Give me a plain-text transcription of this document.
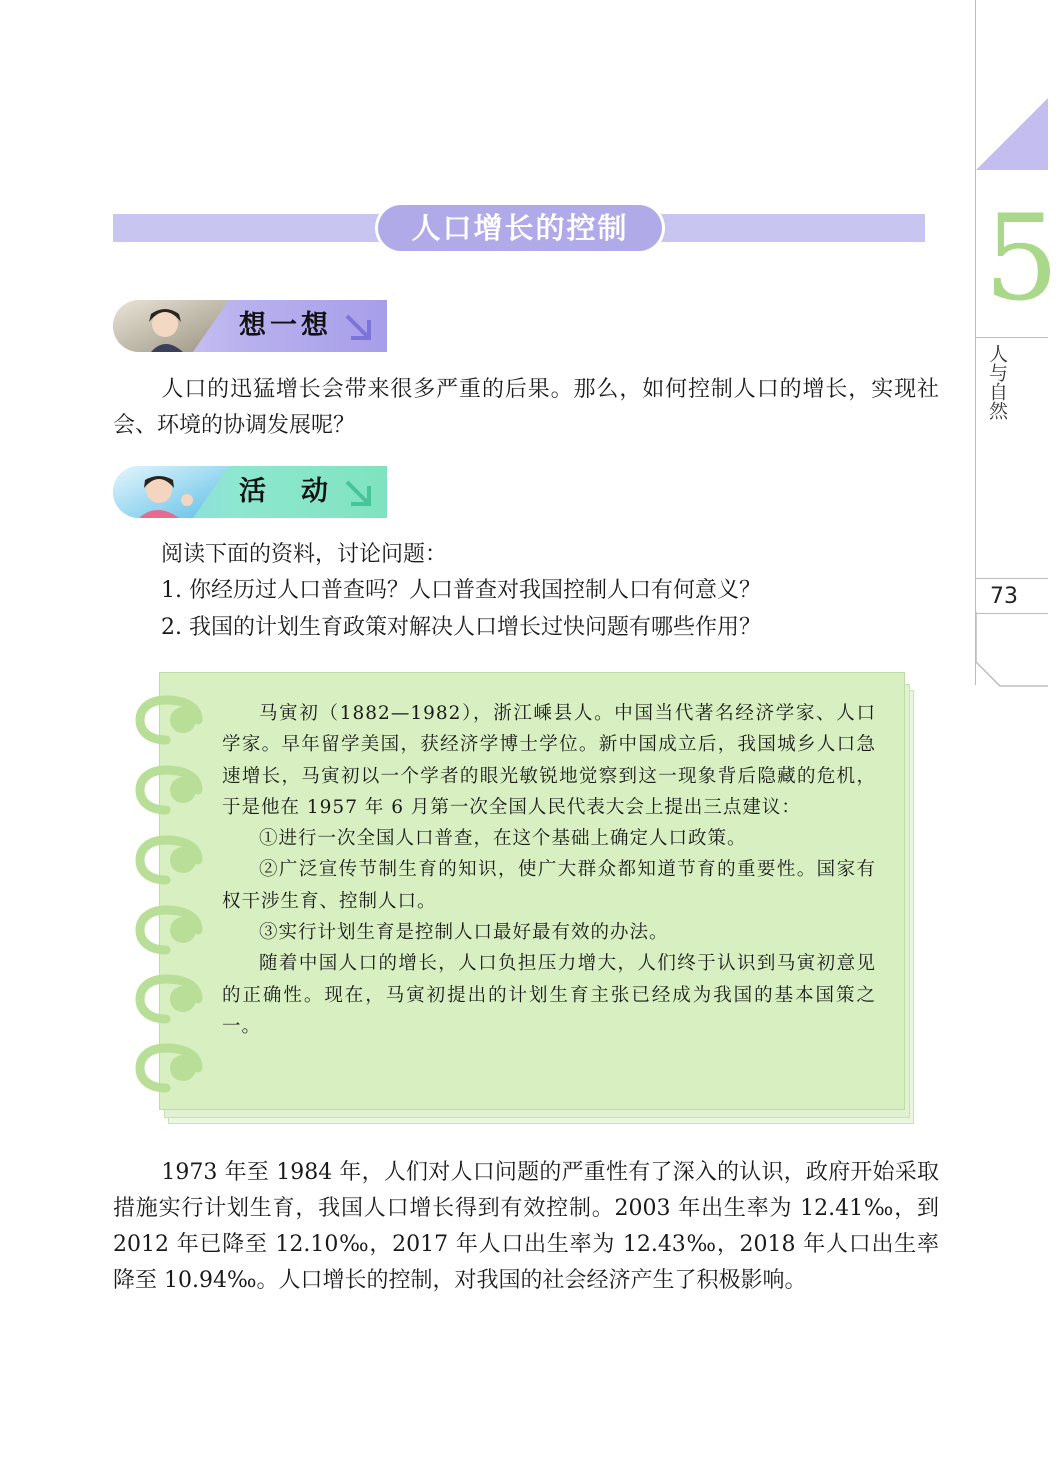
5
人与自然
73
人口增长的控制
想一想
人口的迅猛增长会带来很多严重的后果。那么，如何控制人口的增长，实现社会、环境的协调发展呢？
活　动
阅读下面的资料，讨论问题：
1. 你经历过人口普查吗？人口普查对我国控制人口有何意义？
2. 我国的计划生育政策对解决人口增长过快问题有哪些作用？

马寅初（1882—1982），浙江嵊县人。中国当代著名经济学家、人口学家。早年留学美国，获经济学博士学位。新中国成立后，我国城乡人口急速增长，马寅初以一个学者的眼光敏锐地觉察到这一现象背后隐藏的危机，于是他在 1957 年 6 月第一次全国人民代表大会上提出三点建议：

①进行一次全国人口普查，在这个基础上确定人口政策。

②广泛宣传节制生育的知识，使广大群众都知道节育的重要性。国家有权干涉生育、控制人口。

③实行计划生育是控制人口最好最有效的办法。

随着中国人口的增长，人口负担压力增大，人们终于认识到马寅初意见的正确性。现在，马寅初提出的计划生育主张已经成为我国的基本国策之一。

1973 年至 1984 年，人们对人口问题的严重性有了深入的认识，政府开始采取措施实行计划生育，我国人口增长得到有效控制。2003 年出生率为 12.41‰，到 2012 年已降至 12.10‰，2017 年人口出生率为 12.43‰，2018 年人口出生率降至 10.94‰。人口增长的控制，对我国的社会经济产生了积极影响。
